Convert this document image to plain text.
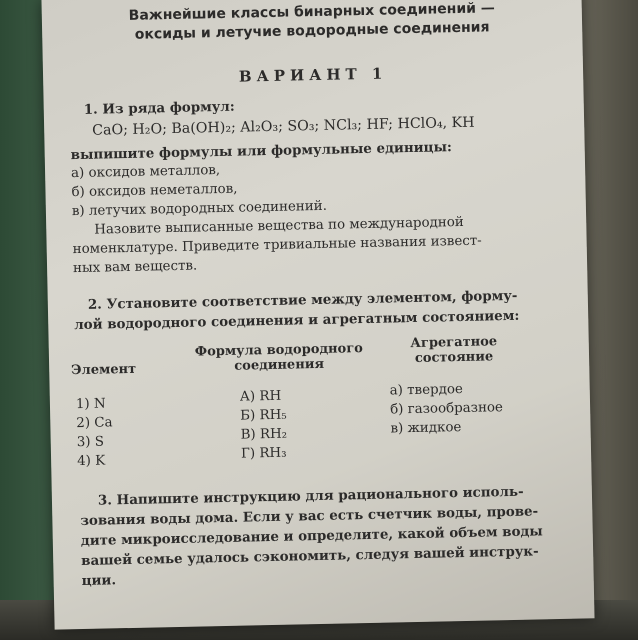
Важнейшие классы бинарных соединений —
оксиды и летучие водородные соединения
ВАРИАНТ 1
1. Из ряда формул:
CaO; H₂O; Ba(OH)₂; Al₂O₃; SO₃; NCl₃; HF; HClO₄, KH
выпишите формулы или формульные единицы:
а) оксидов металлов,
б) оксидов неметаллов,
в) летучих водородных соединений.
Назовите выписанные вещества по международной
номенклатуре. Приведите тривиальные названия извест-
ных вам веществ.
2. Установите соответствие между элементом, форму-
лой водородного соединения и агрегатным состоянием:
Элемент
Формула водородного
соединения
Агрегатное
состояние
1) N
2) Ca
3) S
4) K
А) RH
Б) RH₅
В) RH₂
Г) RH₃
а) твердое
б) газообразное
в) жидкое
3. Напишите инструкцию для рационального исполь-
зования воды дома. Если у вас есть счетчик воды, прове-
дите микроисследование и определите, какой объем воды
вашей семье удалось сэкономить, следуя вашей инструк-
ции.
